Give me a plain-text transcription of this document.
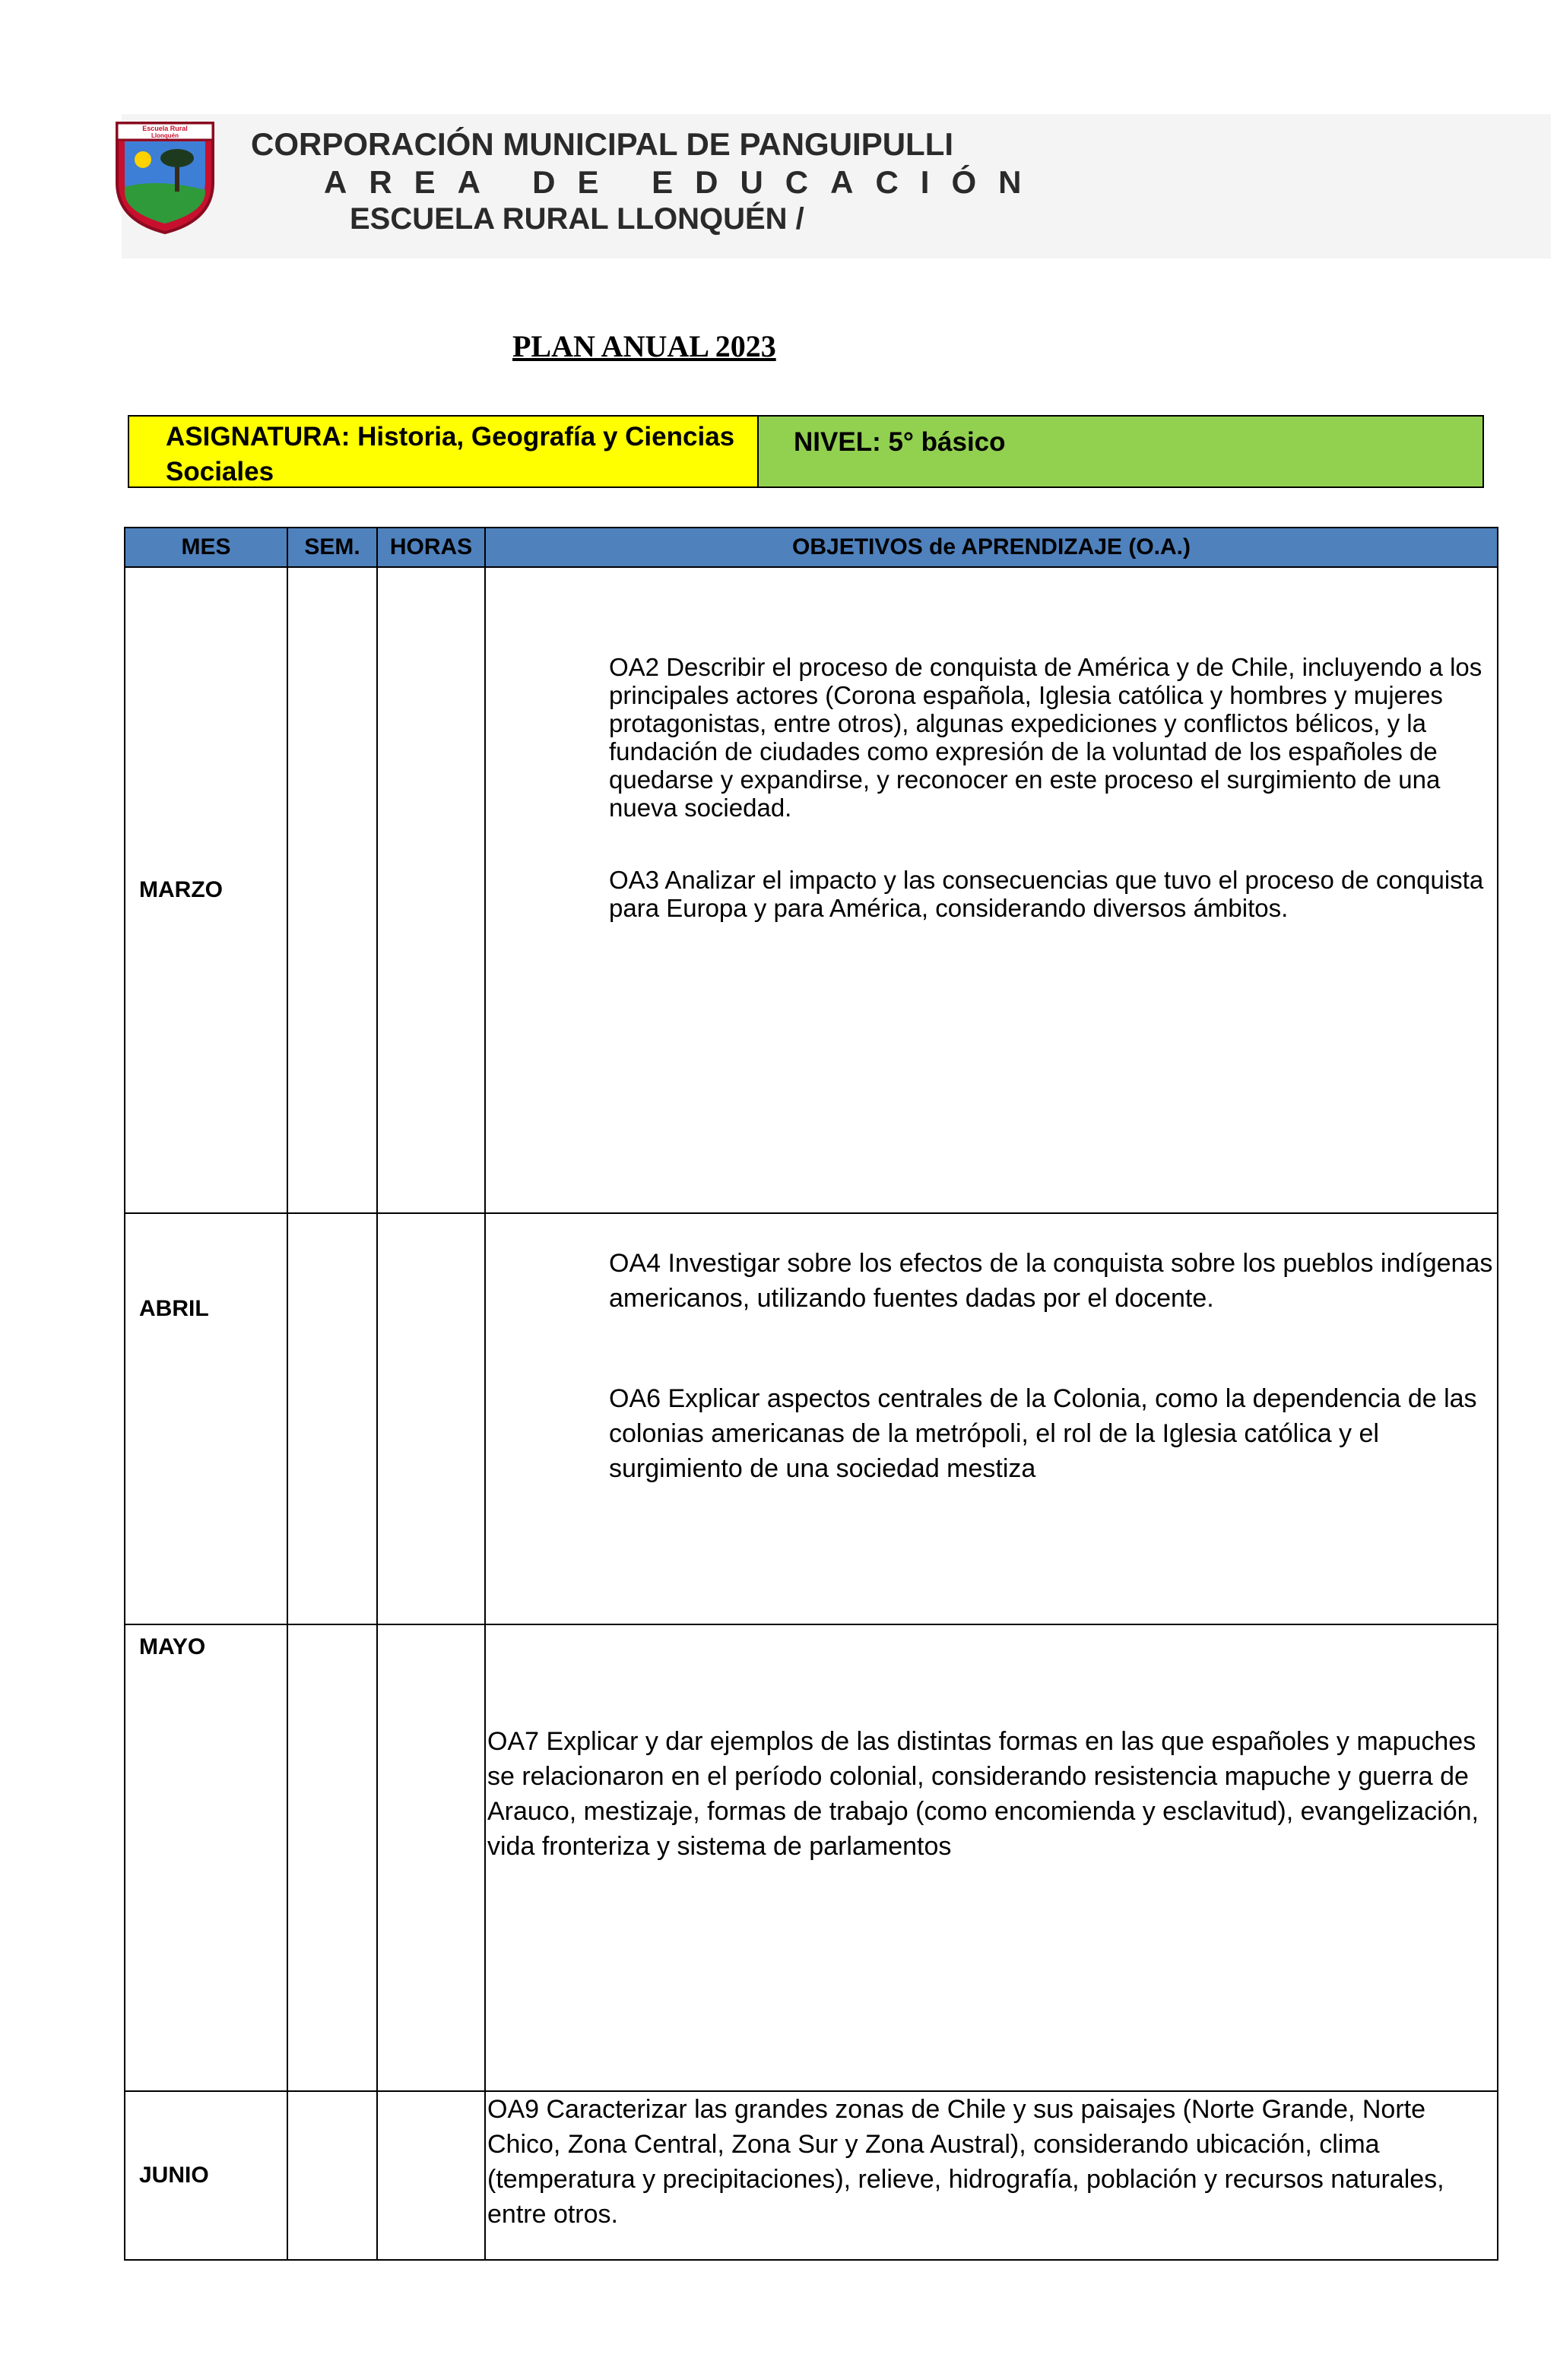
Escuela Rural
Llonquén CORPORACIÓN MUNICIPAL DE PANGUIPULLI
AREA DE EDUCACIÓN
ESCUELA RURAL LLONQUÉN /
PLAN ANUAL 2023
ASIGNATURA: Historia, Geografía y Ciencias Sociales
NIVEL: 5° básico
MES	SEM.	HORAS	OBJETIVOS de APRENDIZAJE (O.A.)
MARZO			OA2 Describir el proceso de conquista de América y de Chile, incluyendo a los principales actores (Corona española, Iglesia católica y hombres y mujeres protagonistas, entre otros), algunas expediciones y conflictos bélicos, y la fundación de ciudades como expresión de la voluntad de los españoles de quedarse y expandirse, y reconocer en este proceso el surgimiento de una nueva sociedad.

OA3 Analizar el impacto y las consecuencias que tuvo el proceso de conquista para Europa y para América, considerando diversos ámbitos.

ABRIL			OA4 Investigar sobre los efectos de la conquista sobre los pueblos indígenas americanos, utilizando fuentes dadas por el docente.

OA6 Explicar aspectos centrales de la Colonia, como la dependencia de las colonias americanas de la metrópoli, el rol de la Iglesia católica y el surgimiento de una sociedad mestiza

MAYO			OA7 Explicar y dar ejemplos de las distintas formas en las que españoles y mapuches se relacionaron en el período colonial, considerando resistencia mapuche y guerra de Arauco, mestizaje, formas de trabajo (como encomienda y esclavitud), evangelización, vida fronteriza y sistema de parlamentos

JUNIO			OA9 Caracterizar las grandes zonas de Chile y sus paisajes (Norte Grande, Norte Chico, Zona Central, Zona Sur y Zona Austral), considerando ubicación, clima (temperatura y precipitaciones), relieve, hidrografía, población y recursos naturales, entre otros.
